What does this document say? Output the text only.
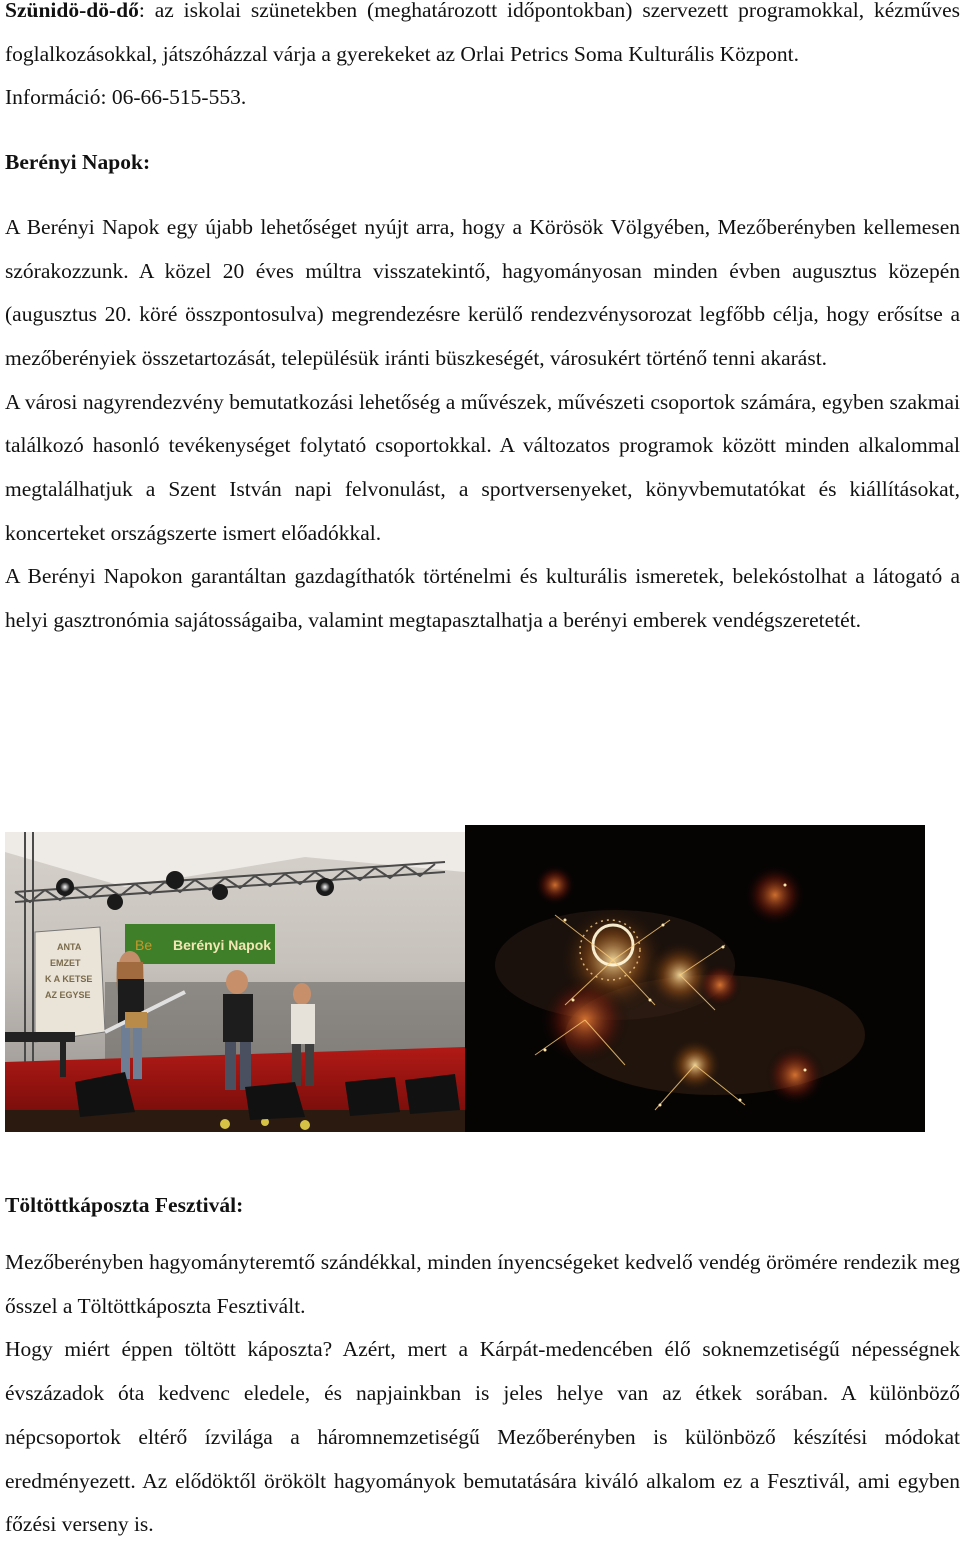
Szünidö-dö-dő: az iskolai szünetekben (meghatározott időpontokban) szervezett programokkal, kézműves foglalkozásokkal, játszóházzal várja a gyerekeket az Orlai Petrics Soma Kulturális Központ.

Információ: 06-66-515-553.

Berényi Napok:

A Berényi Napok egy újabb lehetőséget nyújt arra, hogy a Körösök Völgyében, Mezőberényben kellemesen szórakozzunk. A közel 20 éves múltra visszatekintő, hagyományosan minden évben augusztus közepén (augusztus 20. köré összpontosulva) megrendezésre kerülő rendezvénysorozat legfőbb célja, hogy erősítse a mezőberényiek összetartozását, településük iránti büszkeségét, városukért történő tenni akarást.

A városi nagyrendezvény bemutatkozási lehetőség a művészek, művészeti csoportok számára, egyben szakmai találkozó hasonló tevékenységet folytató csoportokkal. A változatos programok között minden alkalommal megtalálhatjuk a Szent István napi felvonulást, a sportversenyeket, könyvbemutatókat és kiállításokat, koncerteket országszerte ismert előadókkal.

A Berényi Napokon garantáltan gazdagíthatók történelmi és kulturális ismeretek, belekóstolhat a látogató a helyi gasztronómia sajátosságaiba, valamint megtapasztalhatja a berényi emberek vendégszeretetét.

Töltöttkáposzta Fesztivál:

Mezőberényben hagyományteremtő szándékkal, minden ínyencségeket kedvelő vendég örömére rendezik meg ősszel a Töltöttkáposzta Fesztivált.

Hogy miért éppen töltött káposzta? Azért, mert a Kárpát-medencében élő soknemzetiségű népességnek évszázadok óta kedvenc eledele, és napjainkban is jeles helye van az étkek sorában. A különböző népcsoportok eltérő ízvilága a háromnemzetiségű Mezőberényben is különböző készítési módokat eredményezett. Az elődöktől örökölt hagyományok bemutatására kiváló alkalom ez a Fesztivál, ami egyben főzési verseny is.

Be Berényi Napok
ANTA
EMZET
K A KETSE
AZ EGYSE
